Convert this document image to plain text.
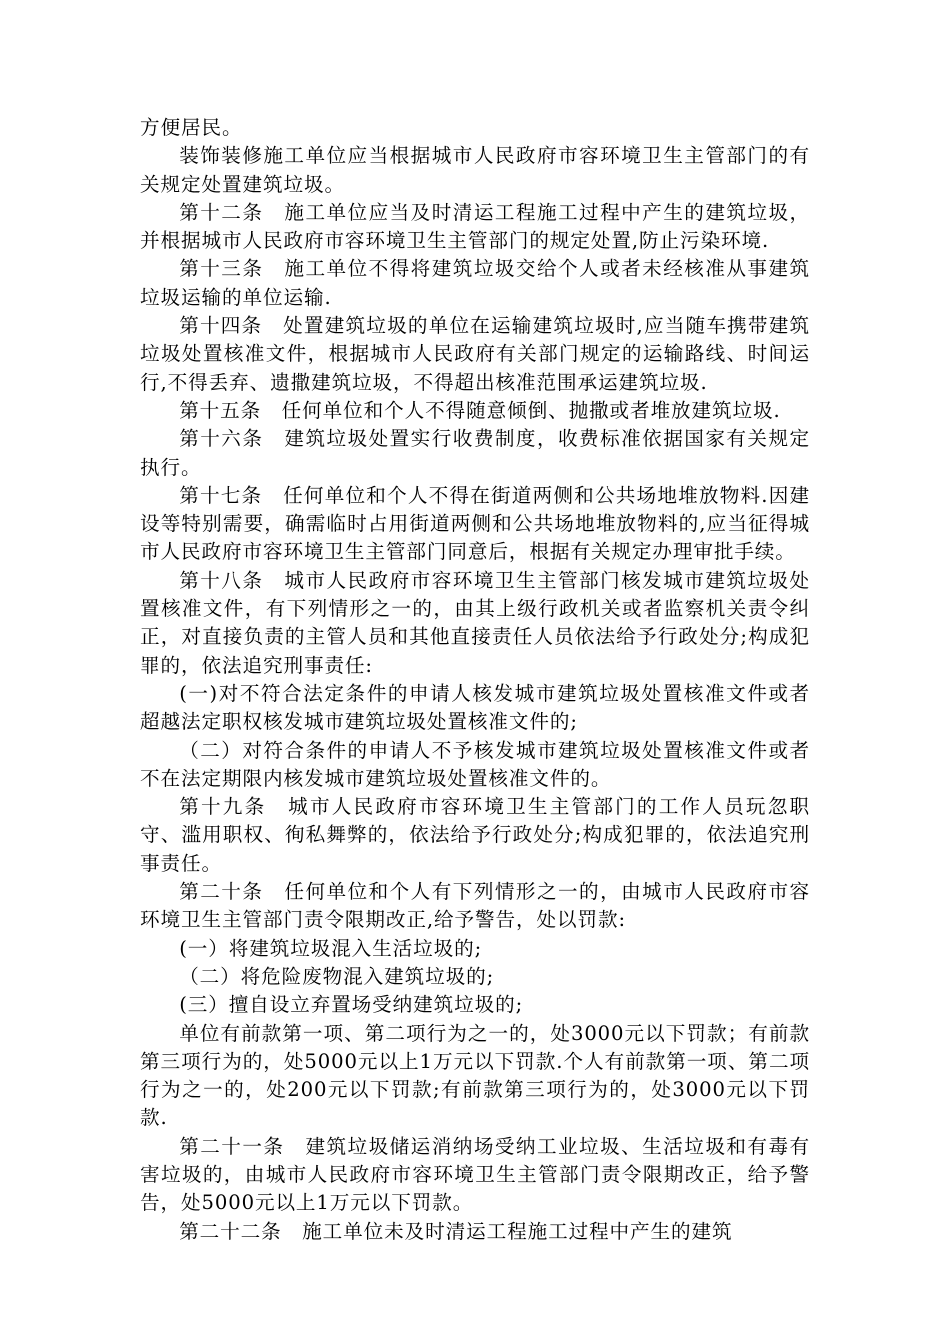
方便居民。

装饰装修施工单位应当根据城市人民政府市容环境卫生主管部门的有关规定处置建筑垃圾。

第十二条　施工单位应当及时清运工程施工过程中产生的建筑垃圾，并根据城市人民政府市容环境卫生主管部门的规定处置,防止污染环境.

第十三条　施工单位不得将建筑垃圾交给个人或者未经核准从事建筑垃圾运输的单位运输.

第十四条　处置建筑垃圾的单位在运输建筑垃圾时,应当随车携带建筑垃圾处置核准文件，根据城市人民政府有关部门规定的运输路线、时间运行,不得丢弃、遗撒建筑垃圾，不得超出核准范围承运建筑垃圾.

第十五条　任何单位和个人不得随意倾倒、抛撒或者堆放建筑垃圾.

第十六条　建筑垃圾处置实行收费制度，收费标准依据国家有关规定执行。

第十七条　任何单位和个人不得在街道两侧和公共场地堆放物料.因建设等特别需要，确需临时占用街道两侧和公共场地堆放物料的,应当征得城市人民政府市容环境卫生主管部门同意后，根据有关规定办理审批手续。

第十八条　城市人民政府市容环境卫生主管部门核发城市建筑垃圾处置核准文件，有下列情形之一的，由其上级行政机关或者监察机关责令纠正，对直接负责的主管人员和其他直接责任人员依法给予行政处分;构成犯罪的，依法追究刑事责任:

(一)对不符合法定条件的申请人核发城市建筑垃圾处置核准文件或者超越法定职权核发城市建筑垃圾处置核准文件的;

（二）对符合条件的申请人不予核发城市建筑垃圾处置核准文件或者不在法定期限内核发城市建筑垃圾处置核准文件的。

第十九条　城市人民政府市容环境卫生主管部门的工作人员玩忽职守、滥用职权、徇私舞弊的，依法给予行政处分;构成犯罪的，依法追究刑事责任。

第二十条　任何单位和个人有下列情形之一的，由城市人民政府市容环境卫生主管部门责令限期改正,给予警告，处以罚款:

(一）将建筑垃圾混入生活垃圾的;

（二）将危险废物混入建筑垃圾的;

(三）擅自设立弃置场受纳建筑垃圾的;

单位有前款第一项、第二项行为之一的，处3000元以下罚款；有前款第三项行为的，处5000元以上1万元以下罚款.个人有前款第一项、第二项行为之一的，处200元以下罚款;有前款第三项行为的，处3000元以下罚款.

第二十一条　建筑垃圾储运消纳场受纳工业垃圾、生活垃圾和有毒有害垃圾的，由城市人民政府市容环境卫生主管部门责令限期改正，给予警告，处5000元以上1万元以下罚款。

第二十二条　施工单位未及时清运工程施工过程中产生的建筑
